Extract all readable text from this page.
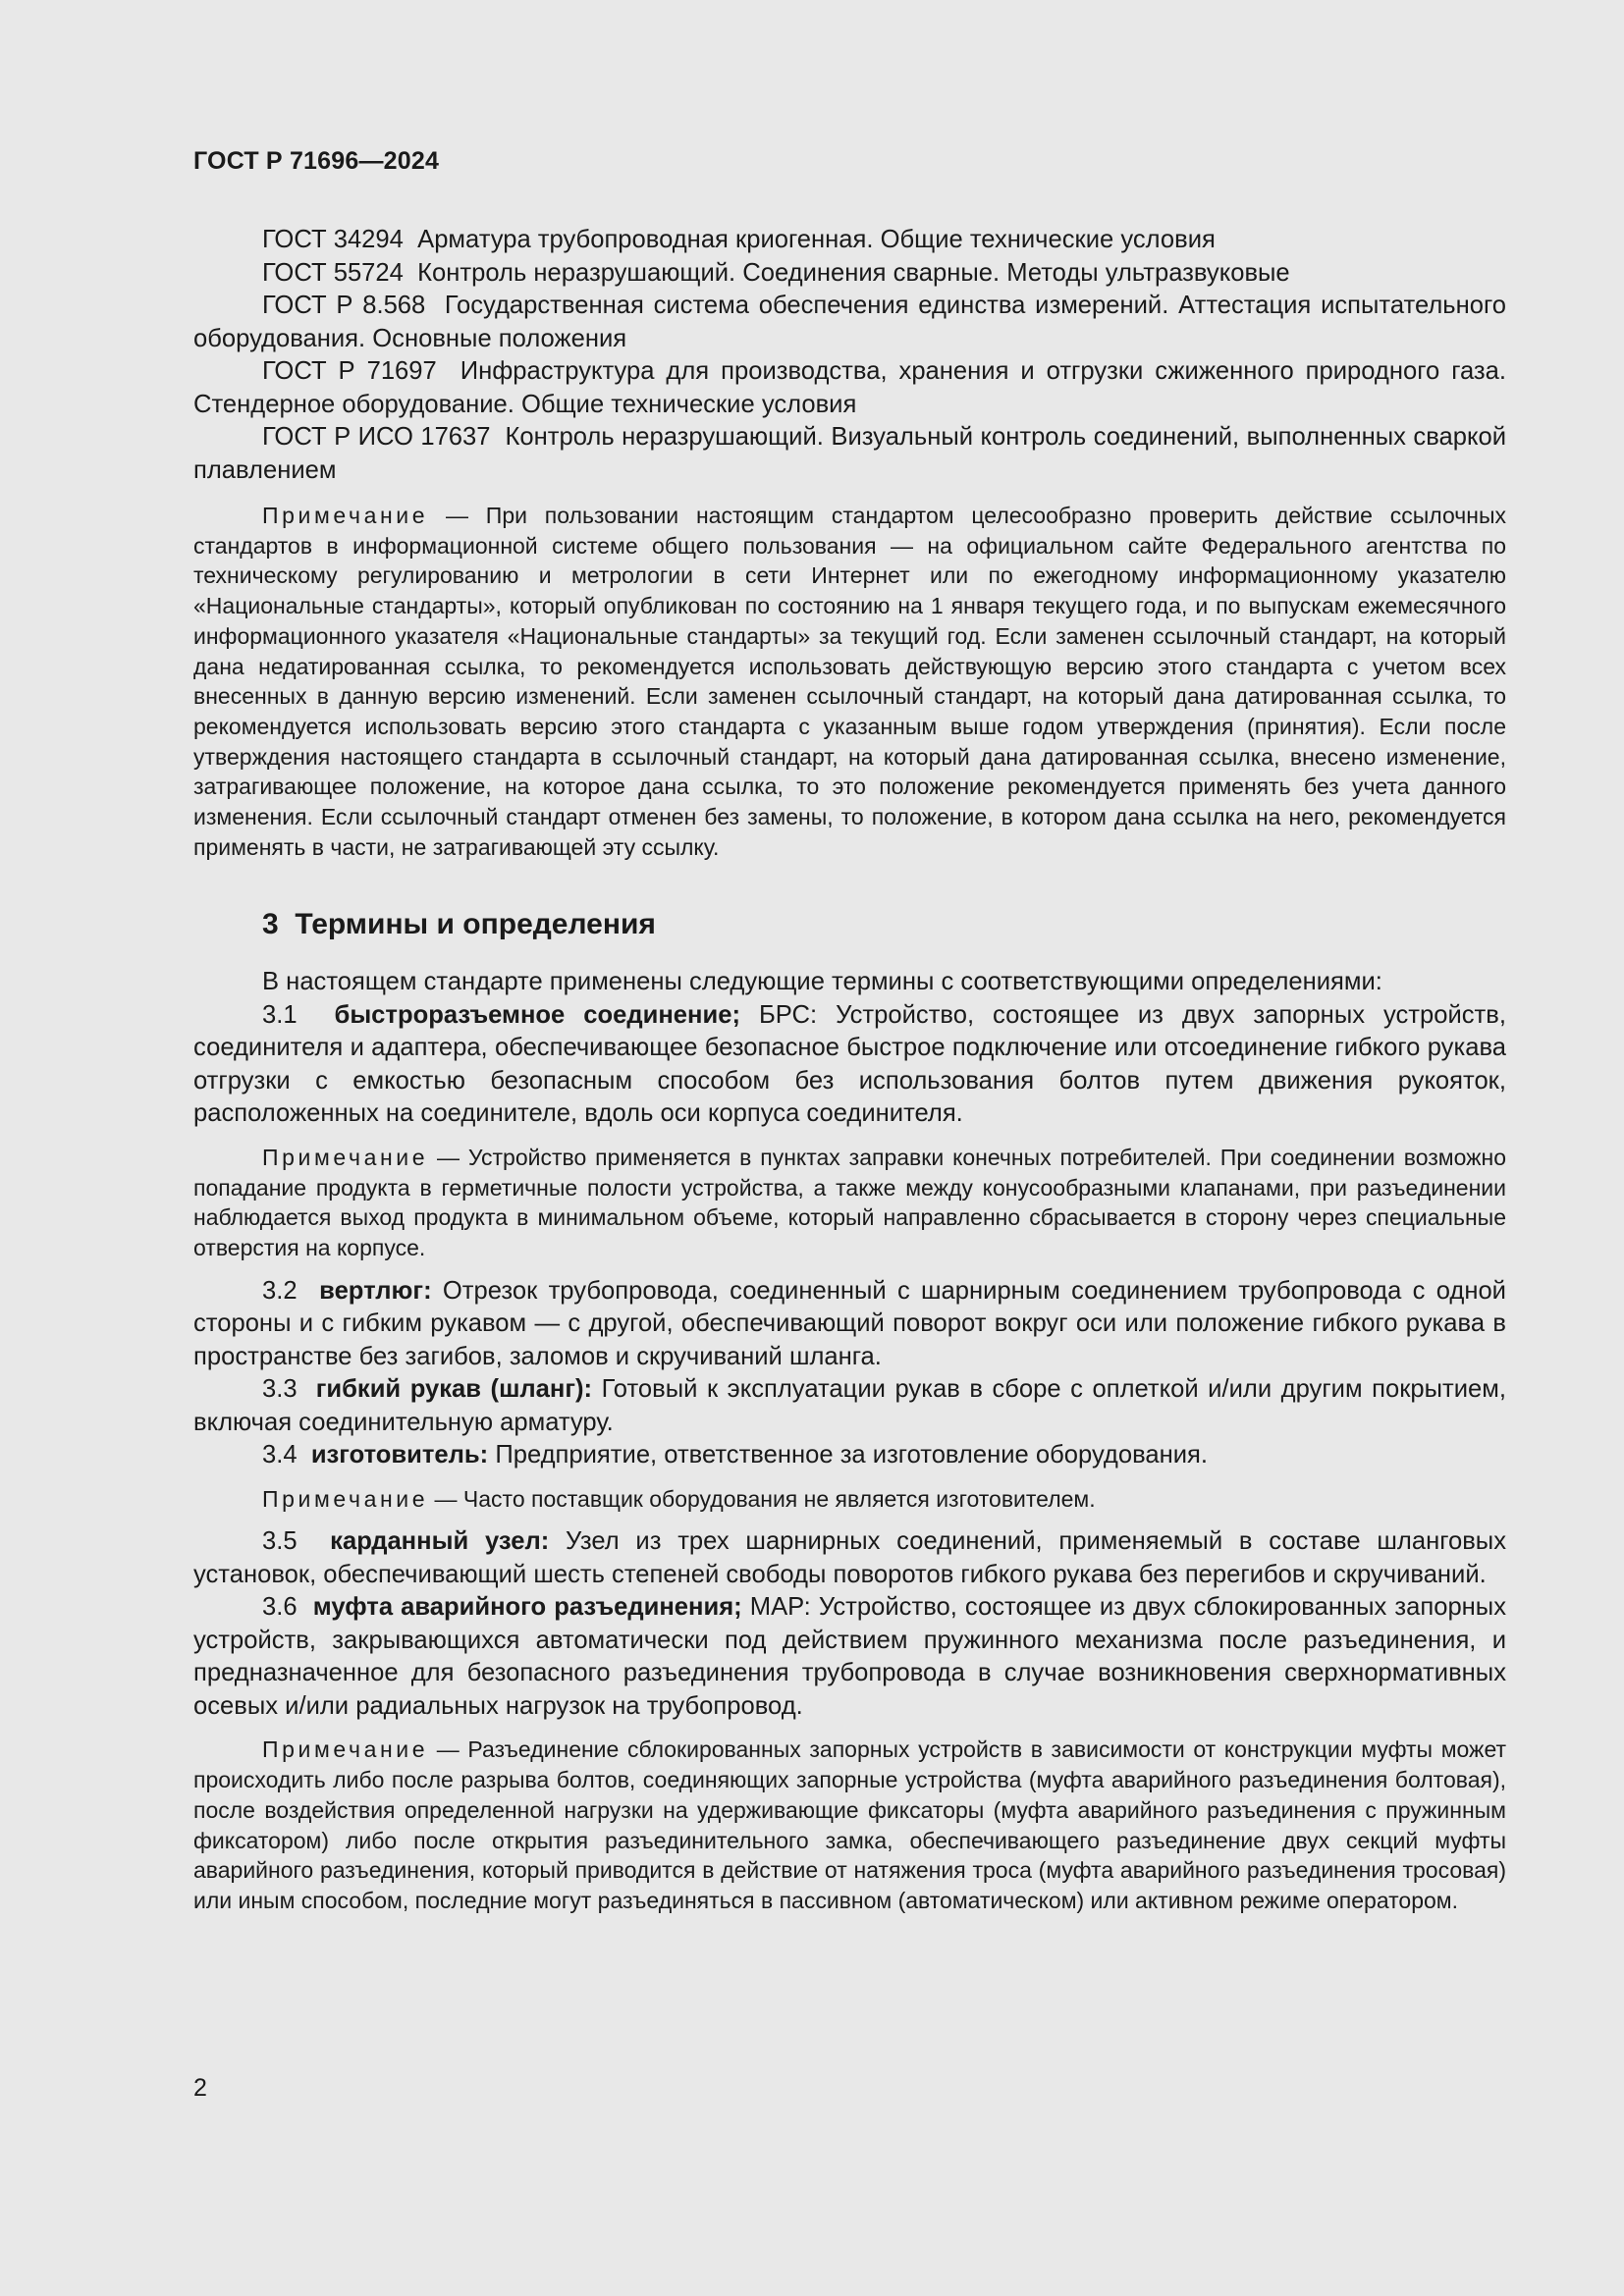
ГОСТ Р 71696—2024

ГОСТ 34294 Арматура трубопроводная криогенная. Общие технические условия

ГОСТ 55724 Контроль неразрушающий. Соединения сварные. Методы ультразвуковые

ГОСТ Р 8.568 Государственная система обеспечения единства измерений. Аттестация испытательного оборудования. Основные положения

ГОСТ Р 71697 Инфраструктура для производства, хранения и отгрузки сжиженного природного газа. Стендерное оборудование. Общие технические условия

ГОСТ Р ИСО 17637 Контроль неразрушающий. Визуальный контроль соединений, выполненных сваркой плавлением

Примечание — При пользовании настоящим стандартом целесообразно проверить действие ссылочных стандартов в информационной системе общего пользования — на официальном сайте Федерального агентства по техническому регулированию и метрологии в сети Интернет или по ежегодному информационному указателю «Национальные стандарты», который опубликован по состоянию на 1 января текущего года, и по выпускам ежемесячного информационного указателя «Национальные стандарты» за текущий год. Если заменен ссылочный стандарт, на который дана недатированная ссылка, то рекомендуется использовать действующую версию этого стандарта с учетом всех внесенных в данную версию изменений. Если заменен ссылочный стандарт, на который дана датированная ссылка, то рекомендуется использовать версию этого стандарта с указанным выше годом утверждения (принятия). Если после утверждения настоящего стандарта в ссылочный стандарт, на который дана датированная ссылка, внесено изменение, затрагивающее положение, на которое дана ссылка, то это положение рекомендуется применять без учета данного изменения. Если ссылочный стандарт отменен без замены, то положение, в котором дана ссылка на него, рекомендуется применять в части, не затрагивающей эту ссылку.

3 Термины и определения

В настоящем стандарте применены следующие термины с соответствующими определениями:

3.1 быстроразъемное соединение; БРС: Устройство, состоящее из двух запорных устройств, соединителя и адаптера, обеспечивающее безопасное быстрое подключение или отсоединение гибкого рукава отгрузки с емкостью безопасным способом без использования болтов путем движения рукояток, расположенных на соединителе, вдоль оси корпуса соединителя.

Примечание — Устройство применяется в пунктах заправки конечных потребителей. При соединении возможно попадание продукта в герметичные полости устройства, а также между конусообразными клапанами, при разъединении наблюдается выход продукта в минимальном объеме, который направленно сбрасывается в сторону через специальные отверстия на корпусе.

3.2 вертлюг: Отрезок трубопровода, соединенный с шарнирным соединением трубопровода с одной стороны и с гибким рукавом — с другой, обеспечивающий поворот вокруг оси или положение гибкого рукава в пространстве без загибов, заломов и скручиваний шланга.

3.3 гибкий рукав (шланг): Готовый к эксплуатации рукав в сборе с оплеткой и/или другим покрытием, включая соединительную арматуру.

3.4 изготовитель: Предприятие, ответственное за изготовление оборудования.

Примечание — Часто поставщик оборудования не является изготовителем.

3.5 карданный узел: Узел из трех шарнирных соединений, применяемый в составе шланговых установок, обеспечивающий шесть степеней свободы поворотов гибкого рукава без перегибов и скручиваний.

3.6 муфта аварийного разъединения; МАР: Устройство, состоящее из двух сблокированных запорных устройств, закрывающихся автоматически под действием пружинного механизма после разъединения, и предназначенное для безопасного разъединения трубопровода в случае возникновения сверхнормативных осевых и/или радиальных нагрузок на трубопровод.

Примечание — Разъединение сблокированных запорных устройств в зависимости от конструкции муфты может происходить либо после разрыва болтов, соединяющих запорные устройства (муфта аварийного разъединения болтовая), после воздействия определенной нагрузки на удерживающие фиксаторы (муфта аварийного разъединения с пружинным фиксатором) либо после открытия разъединительного замка, обеспечивающего разъединение двух секций муфты аварийного разъединения, который приводится в действие от натяжения троса (муфта аварийного разъединения тросовая) или иным способом, последние могут разъединяться в пассивном (автоматическом) или активном режиме оператором.

2
